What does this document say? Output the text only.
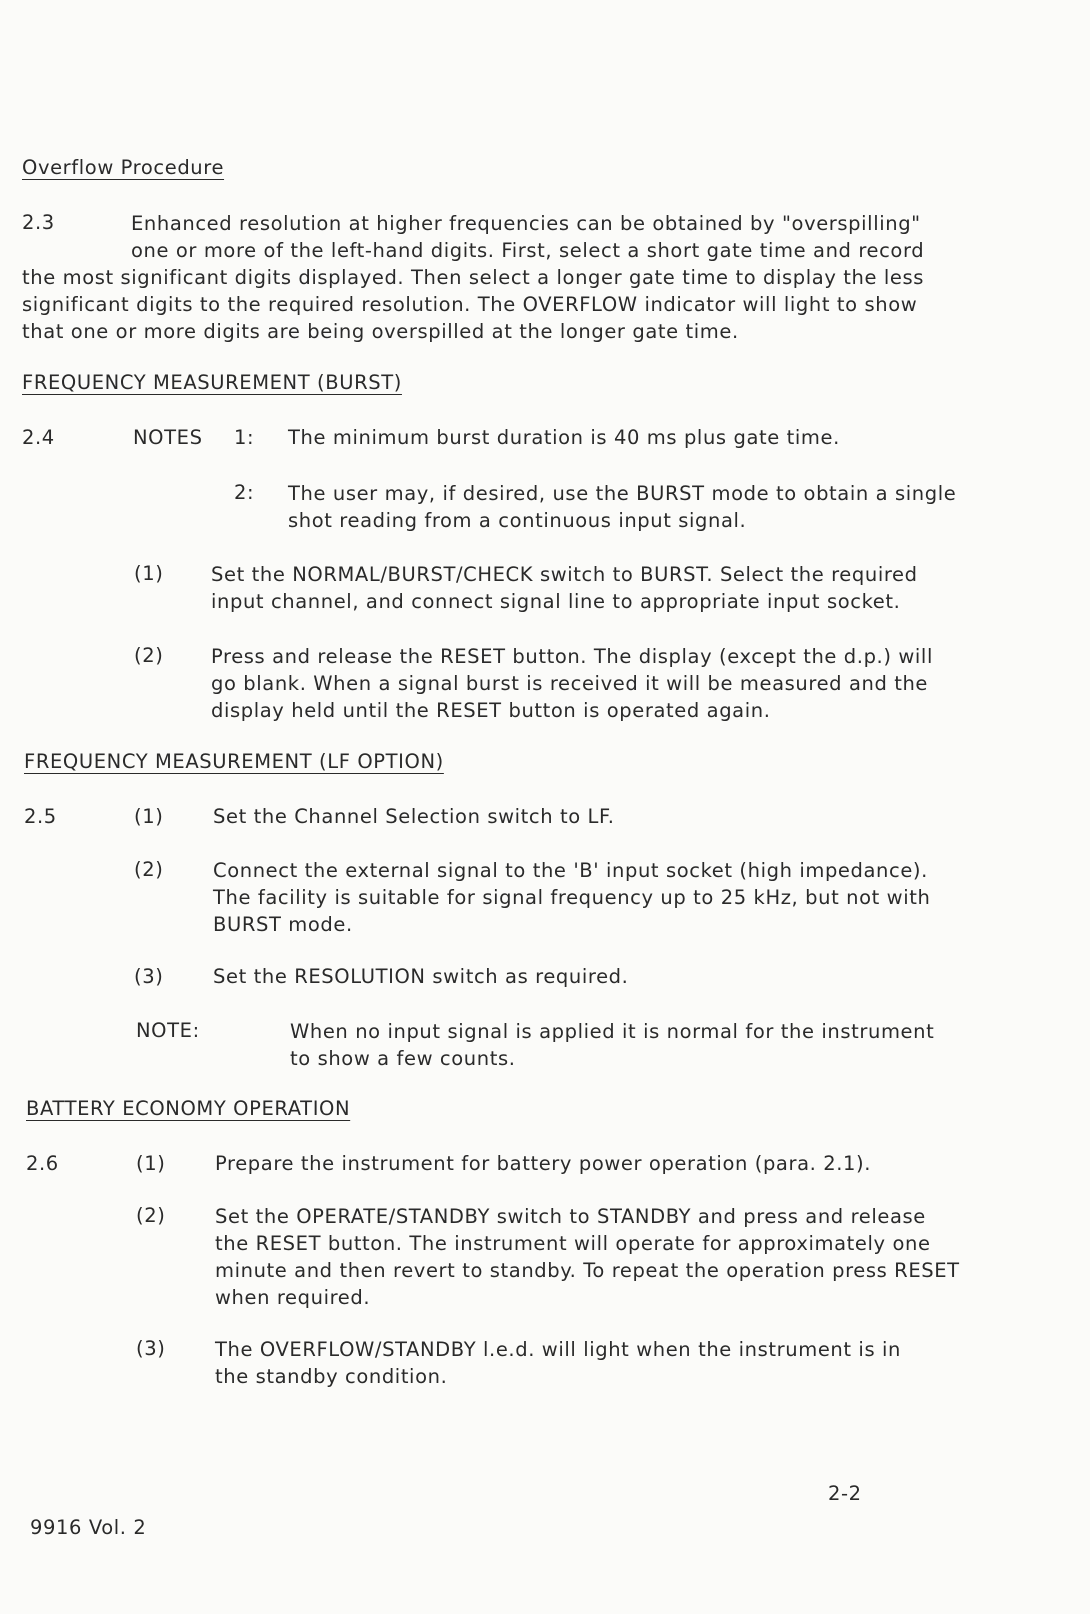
Overflow Procedure
2.3	Enhanced resolution at higher frequencies can be obtained by "overspilling"
one or more of the left-hand digits. First, select a short gate time and record
the most significant digits displayed. Then select a longer gate time to display the less
significant digits to the required resolution. The OVERFLOW indicator will light to show
that one or more digits are being overspilled at the longer gate time.
FREQUENCY MEASUREMENT (BURST)
2.4	NOTES 1: The minimum burst duration is 40 ms plus gate time.
2: The user may, if desired, use the BURST mode to obtain a single
shot reading from a continuous input signal.
(1) Set the NORMAL/BURST/CHECK switch to BURST. Select the required
input channel, and connect signal line to appropriate input socket.
(2) Press and release the RESET button. The display (except the d.p.) will
go blank. When a signal burst is received it will be measured and the
display held until the RESET button is operated again.
FREQUENCY MEASUREMENT (LF OPTION)
2.5	(1)	Set the Channel Selection switch to LF.
(2)	Connect the external signal to the 'B' input socket (high impedance).
The facility is suitable for signal frequency up to 25 kHz, but not with
BURST mode.
(3)	Set the RESOLUTION switch as required.
NOTE:	When no input signal is applied it is normal for the instrument
to show a few counts.
BATTERY ECONOMY OPERATION
2.6	(1)	Prepare the instrument for battery power operation (para. 2.1).
(2)	Set the OPERATE/STANDBY switch to STANDBY and press and release
the RESET button. The instrument will operate for approximately one
minute and then revert to standby. To repeat the operation press RESET
when required.
(3)	The OVERFLOW/STANDBY l.e.d. will light when the instrument is in
the standby condition.
2-2
9916 Vol. 2
